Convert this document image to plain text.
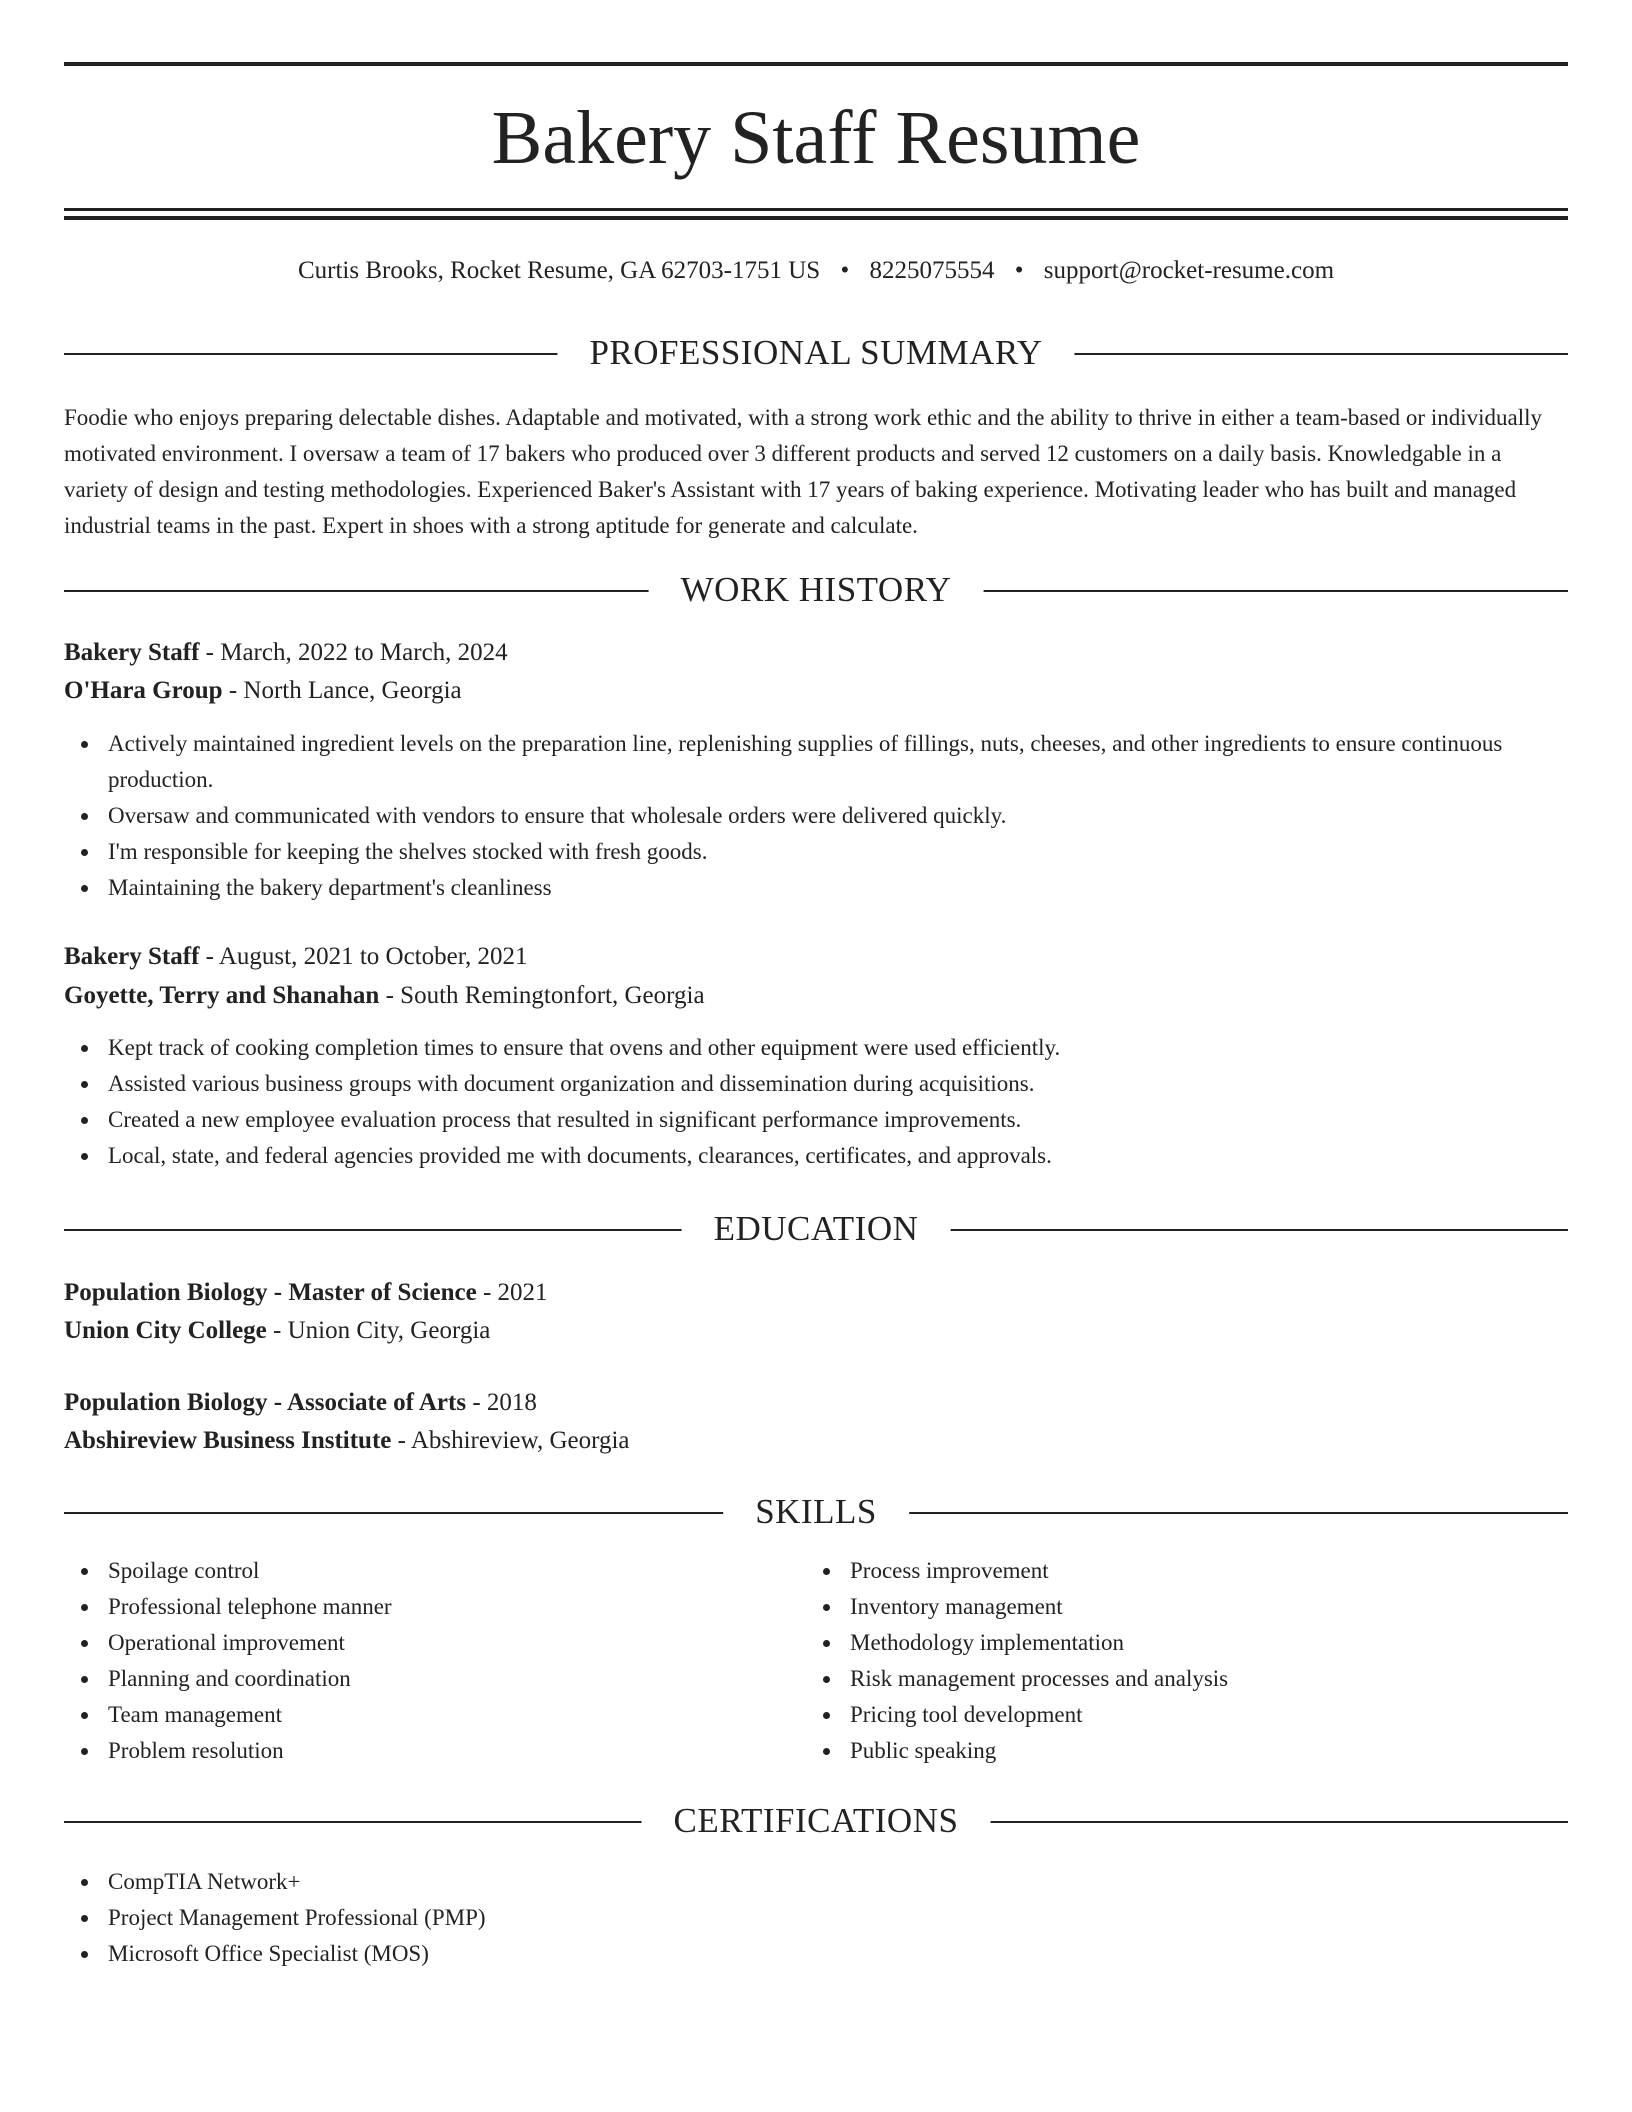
Bakery Staff Resume
Curtis Brooks, Rocket Resume, GA 62703-1751 US • 8225075554 • support@rocket-resume.com
PROFESSIONAL SUMMARY
Foodie who enjoys preparing delectable dishes. Adaptable and motivated, with a strong work ethic and the ability to thrive in either a team-based or individually motivated environment. I oversaw a team of 17 bakers who produced over 3 different products and served 12 customers on a daily basis. Knowledgable in a variety of design and testing methodologies. Experienced Baker's Assistant with 17 years of baking experience. Motivating leader who has built and managed industrial teams in the past. Expert in shoes with a strong aptitude for generate and calculate.
WORK HISTORY
Bakery Staff - March, 2022 to March, 2024
O'Hara Group - North Lance, Georgia
Actively maintained ingredient levels on the preparation line, replenishing supplies of fillings, nuts, cheeses, and other ingredients to ensure continuous production.
Oversaw and communicated with vendors to ensure that wholesale orders were delivered quickly.
I'm responsible for keeping the shelves stocked with fresh goods.
Maintaining the bakery department's cleanliness
Bakery Staff - August, 2021 to October, 2021
Goyette, Terry and Shanahan - South Remingtonfort, Georgia
Kept track of cooking completion times to ensure that ovens and other equipment were used efficiently.
Assisted various business groups with document organization and dissemination during acquisitions.
Created a new employee evaluation process that resulted in significant performance improvements.
Local, state, and federal agencies provided me with documents, clearances, certificates, and approvals.
EDUCATION
Population Biology - Master of Science - 2021
Union City College - Union City, Georgia
Population Biology - Associate of Arts - 2018
Abshireview Business Institute - Abshireview, Georgia
SKILLS
Spoilage control
Professional telephone manner
Operational improvement
Planning and coordination
Team management
Problem resolution
Process improvement
Inventory management
Methodology implementation
Risk management processes and analysis
Pricing tool development
Public speaking
CERTIFICATIONS
CompTIA Network+
Project Management Professional (PMP)
Microsoft Office Specialist (MOS)
